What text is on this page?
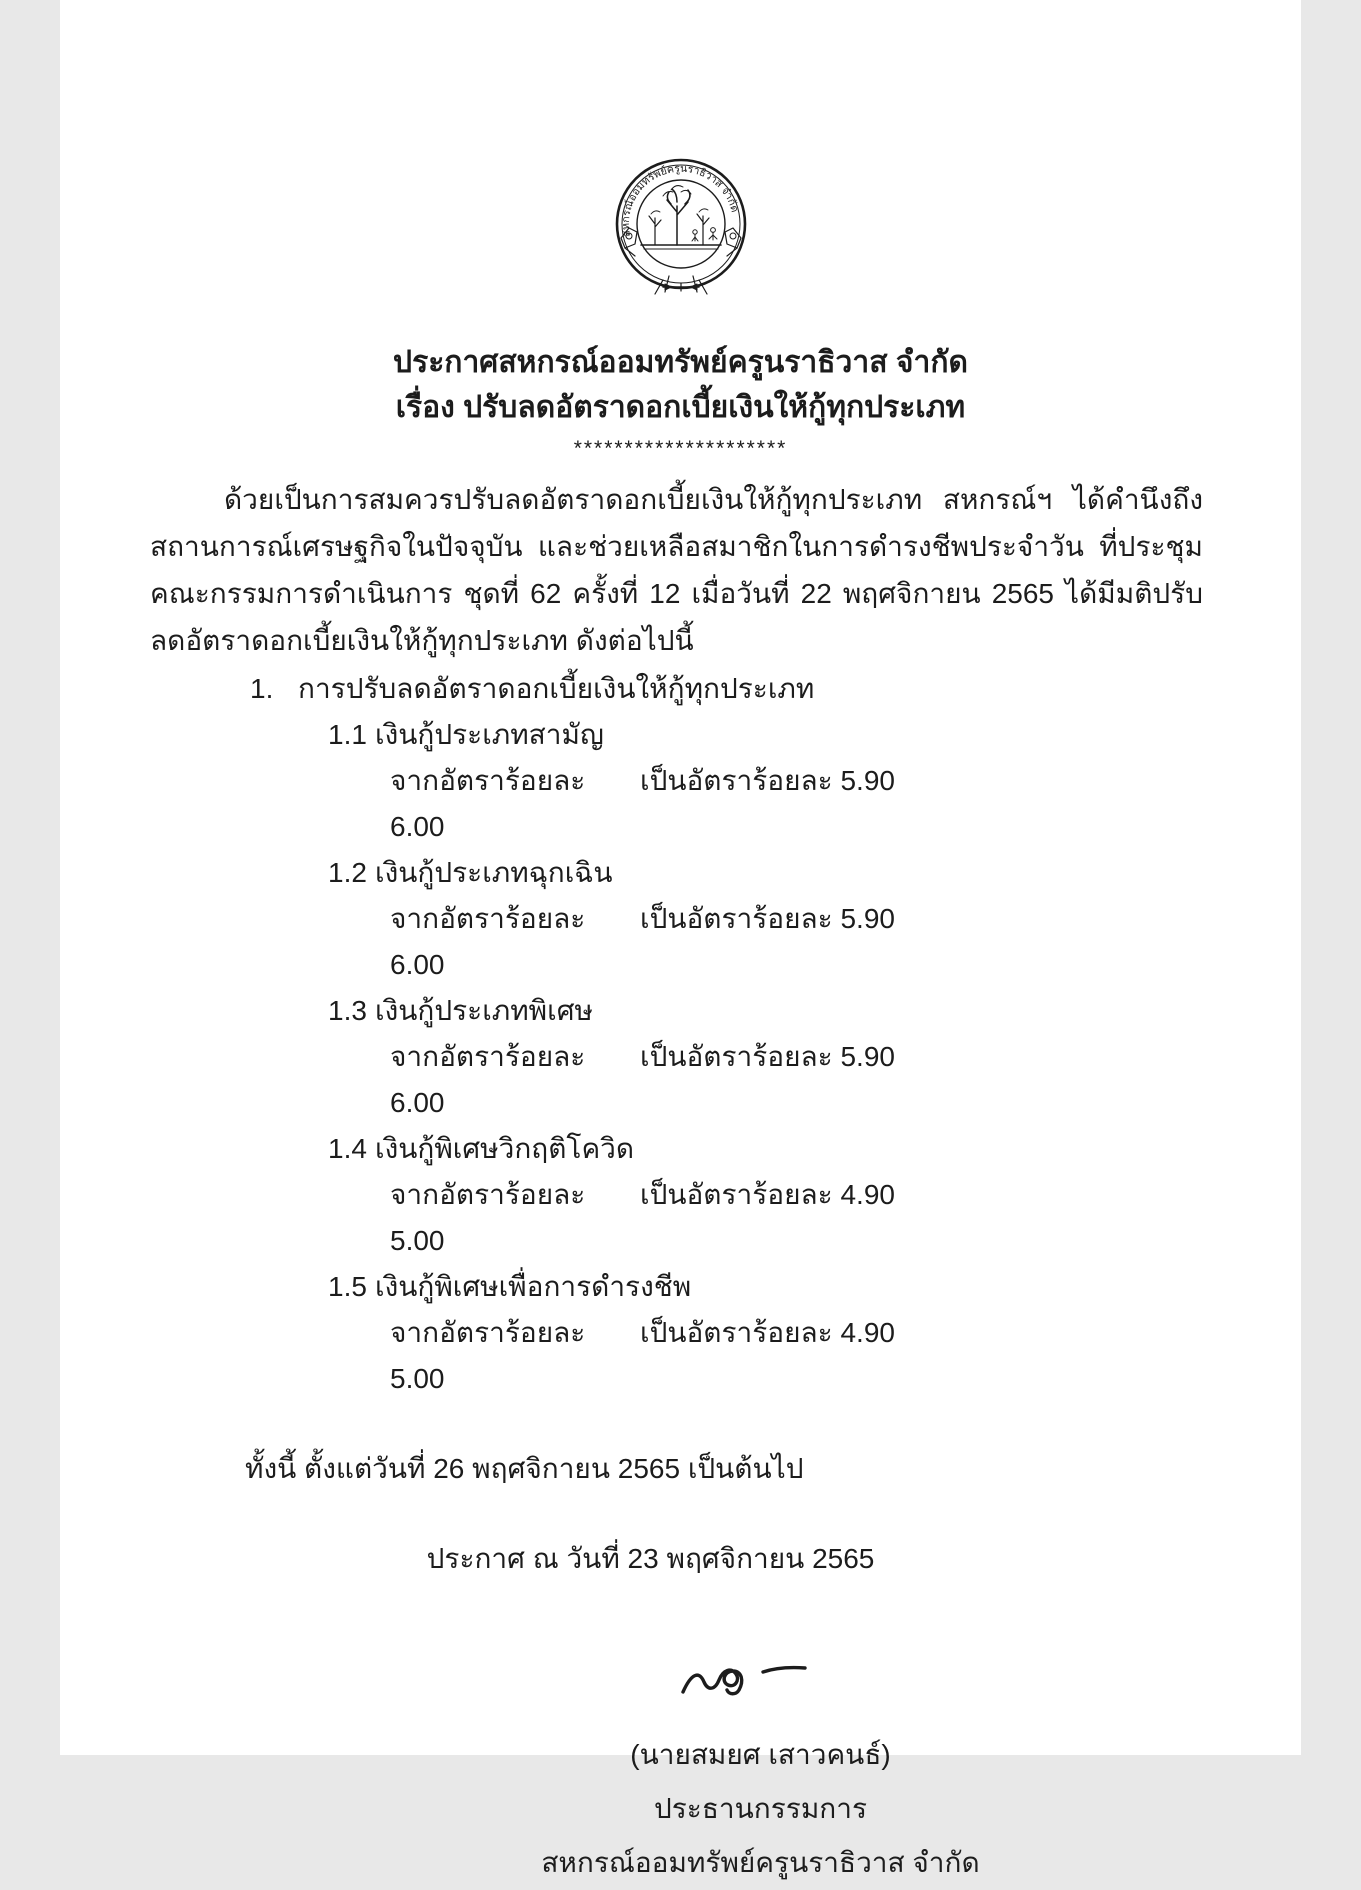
สหกรณ์ออมทรัพย์ครูนราธิวาส จำกัด
ประกาศสหกรณ์ออมทรัพย์ครูนราธิวาส จำกัด
เรื่อง ปรับลดอัตราดอกเบี้ยเงินให้กู้ทุกประเภท
*********************

ด้วยเป็นการสมควรปรับลดอัตราดอกเบี้ยเงินให้กู้ทุกประเภท สหกรณ์ฯ ได้คำนึงถึงสถานการณ์เศรษฐกิจในปัจจุบัน และช่วยเหลือสมาชิกในการดำรงชีพประจำวัน ที่ประชุมคณะกรรมการดำเนินการ ชุดที่ 62 ครั้งที่ 12 เมื่อวันที่ 22 พฤศจิกายน 2565 ได้มีมติปรับลดอัตราดอกเบี้ยเงินให้กู้ทุกประเภท ดังต่อไปนี้

1. การปรับลดอัตราดอกเบี้ยเงินให้กู้ทุกประเภท
1.1 เงินกู้ประเภทสามัญ
จากอัตราร้อยละ 6.00
เป็นอัตราร้อยละ 5.90
1.2 เงินกู้ประเภทฉุกเฉิน
จากอัตราร้อยละ 6.00
เป็นอัตราร้อยละ 5.90
1.3 เงินกู้ประเภทพิเศษ
จากอัตราร้อยละ 6.00
เป็นอัตราร้อยละ 5.90
1.4 เงินกู้พิเศษวิกฤติโควิด
จากอัตราร้อยละ 5.00
เป็นอัตราร้อยละ 4.90
1.5 เงินกู้พิเศษเพื่อการดำรงชีพ
จากอัตราร้อยละ 5.00
เป็นอัตราร้อยละ 4.90

ทั้งนี้ ตั้งแต่วันที่ 26 พฤศจิกายน 2565 เป็นต้นไป

ประกาศ ณ วันที่ 23 พฤศจิกายน 2565

(นายสมยศ เสาวคนธ์)
ประธานกรรมการ
สหกรณ์ออมทรัพย์ครูนราธิวาส จำกัด
